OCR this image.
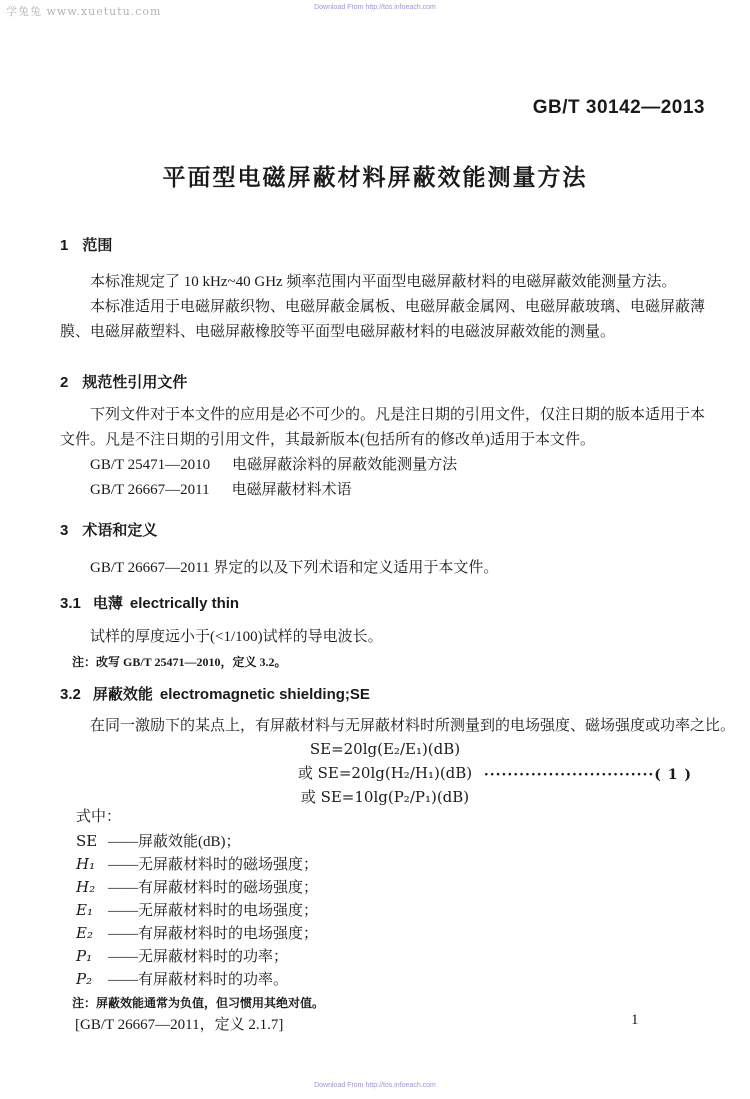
学兔兔 www.xuetutu.com	Download From http://tos.infoeach.com
GB/T 30142—2013
平面型电磁屏蔽材料屏蔽效能测量方法
1 范围

本标准规定了 10 kHz~40 GHz 频率范围内平面型电磁屏蔽材料的电磁屏蔽效能测量方法。

本标准适用于电磁屏蔽织物、电磁屏蔽金属板、电磁屏蔽金属网、电磁屏蔽玻璃、电磁屏蔽薄膜、电磁屏蔽塑料、电磁屏蔽橡胶等平面型电磁屏蔽材料的电磁波屏蔽效能的测量。

2 规范性引用文件

下列文件对于本文件的应用是必不可少的。凡是注日期的引用文件，仅注日期的版本适用于本文件。凡是不注日期的引用文件，其最新版本(包括所有的修改单)适用于本文件。

GB/T 25471—2010 电磁屏蔽涂料的屏蔽效能测量方法
GB/T 26667—2011 电磁屏蔽材料术语
3 术语和定义

GB/T 26667—2011 界定的以及下列术语和定义适用于本文件。

3.1 电薄 electrically thin

试样的厚度远小于(<1/100)试样的导电波长。

注：改写 GB/T 25471—2010，定义 3.2。
3.2 屏蔽效能 electromagnetic shielding;SE

在同一激励下的某点上，有屏蔽材料与无屏蔽材料时所测量到的电场强度、磁场强度或功率之比。

SE=20lg(E₂/E₁)(dB)
或 SE=20lg(H₂/H₁)(dB)
或 SE=10lg(P₂/P₁)(dB)
·····························( 1 )
式中：
SE ——屏蔽效能(dB)；
H₁ ——无屏蔽材料时的磁场强度；
H₂ ——有屏蔽材料时的磁场强度；
E₁ ——无屏蔽材料时的电场强度；
E₂ ——有屏蔽材料时的电场强度；
P₁ ——无屏蔽材料时的功率；
P₂ ——有屏蔽材料时的功率。
注：屏蔽效能通常为负值，但习惯用其绝对值。
[GB/T 26667—2011，定义 2.1.7]	1
Download From http://tos.infoeach.com
